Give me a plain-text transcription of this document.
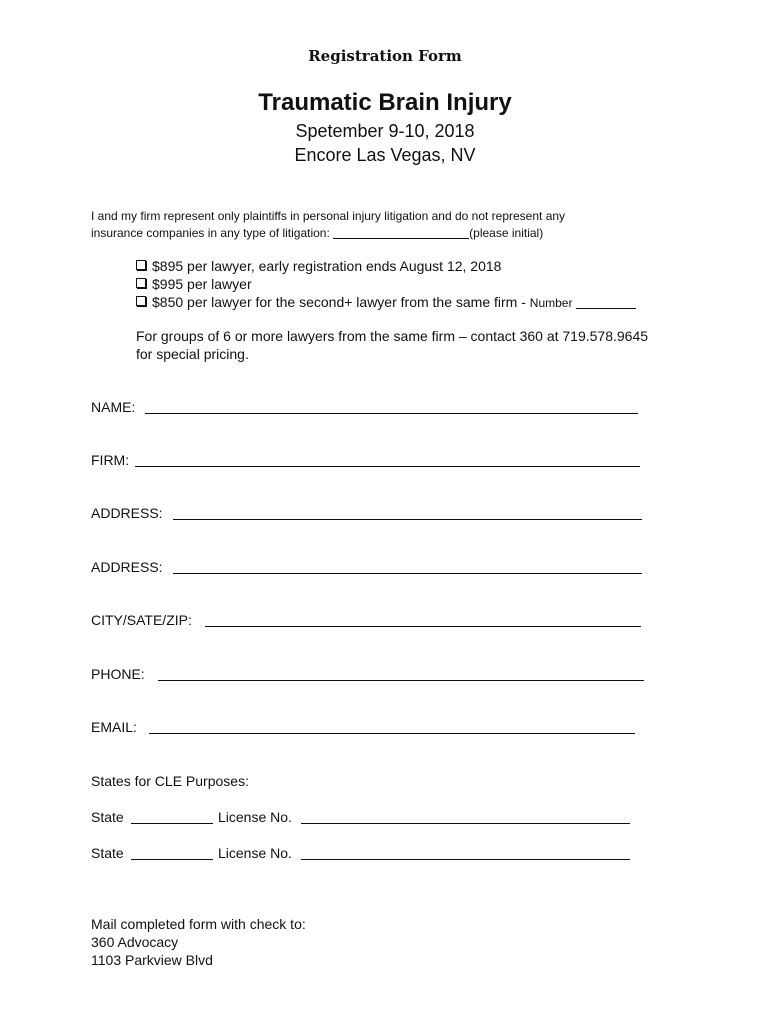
Registration Form
Traumatic Brain Injury
Spetember 9-10, 2018
Encore Las Vegas, NV
I and my firm represent only plaintiffs in personal injury litigation and do not represent any
insurance companies in any type of litigation:	(please initial)
$895 per lawyer, early registration ends August 12, 2018
$995 per lawyer
$850 per lawyer for the second+ lawyer from the same firm - Number
For groups of 6 or more lawyers from the same firm – contact 360 at 719.578.9645
for special pricing.
NAME:
FIRM:
ADDRESS:
ADDRESS:
CITY/SATE/ZIP:
PHONE:
EMAIL:
States for CLE Purposes:
State	License No.
State	License No.
Mail completed form with check to:
360 Advocacy
1103 Parkview Blvd
